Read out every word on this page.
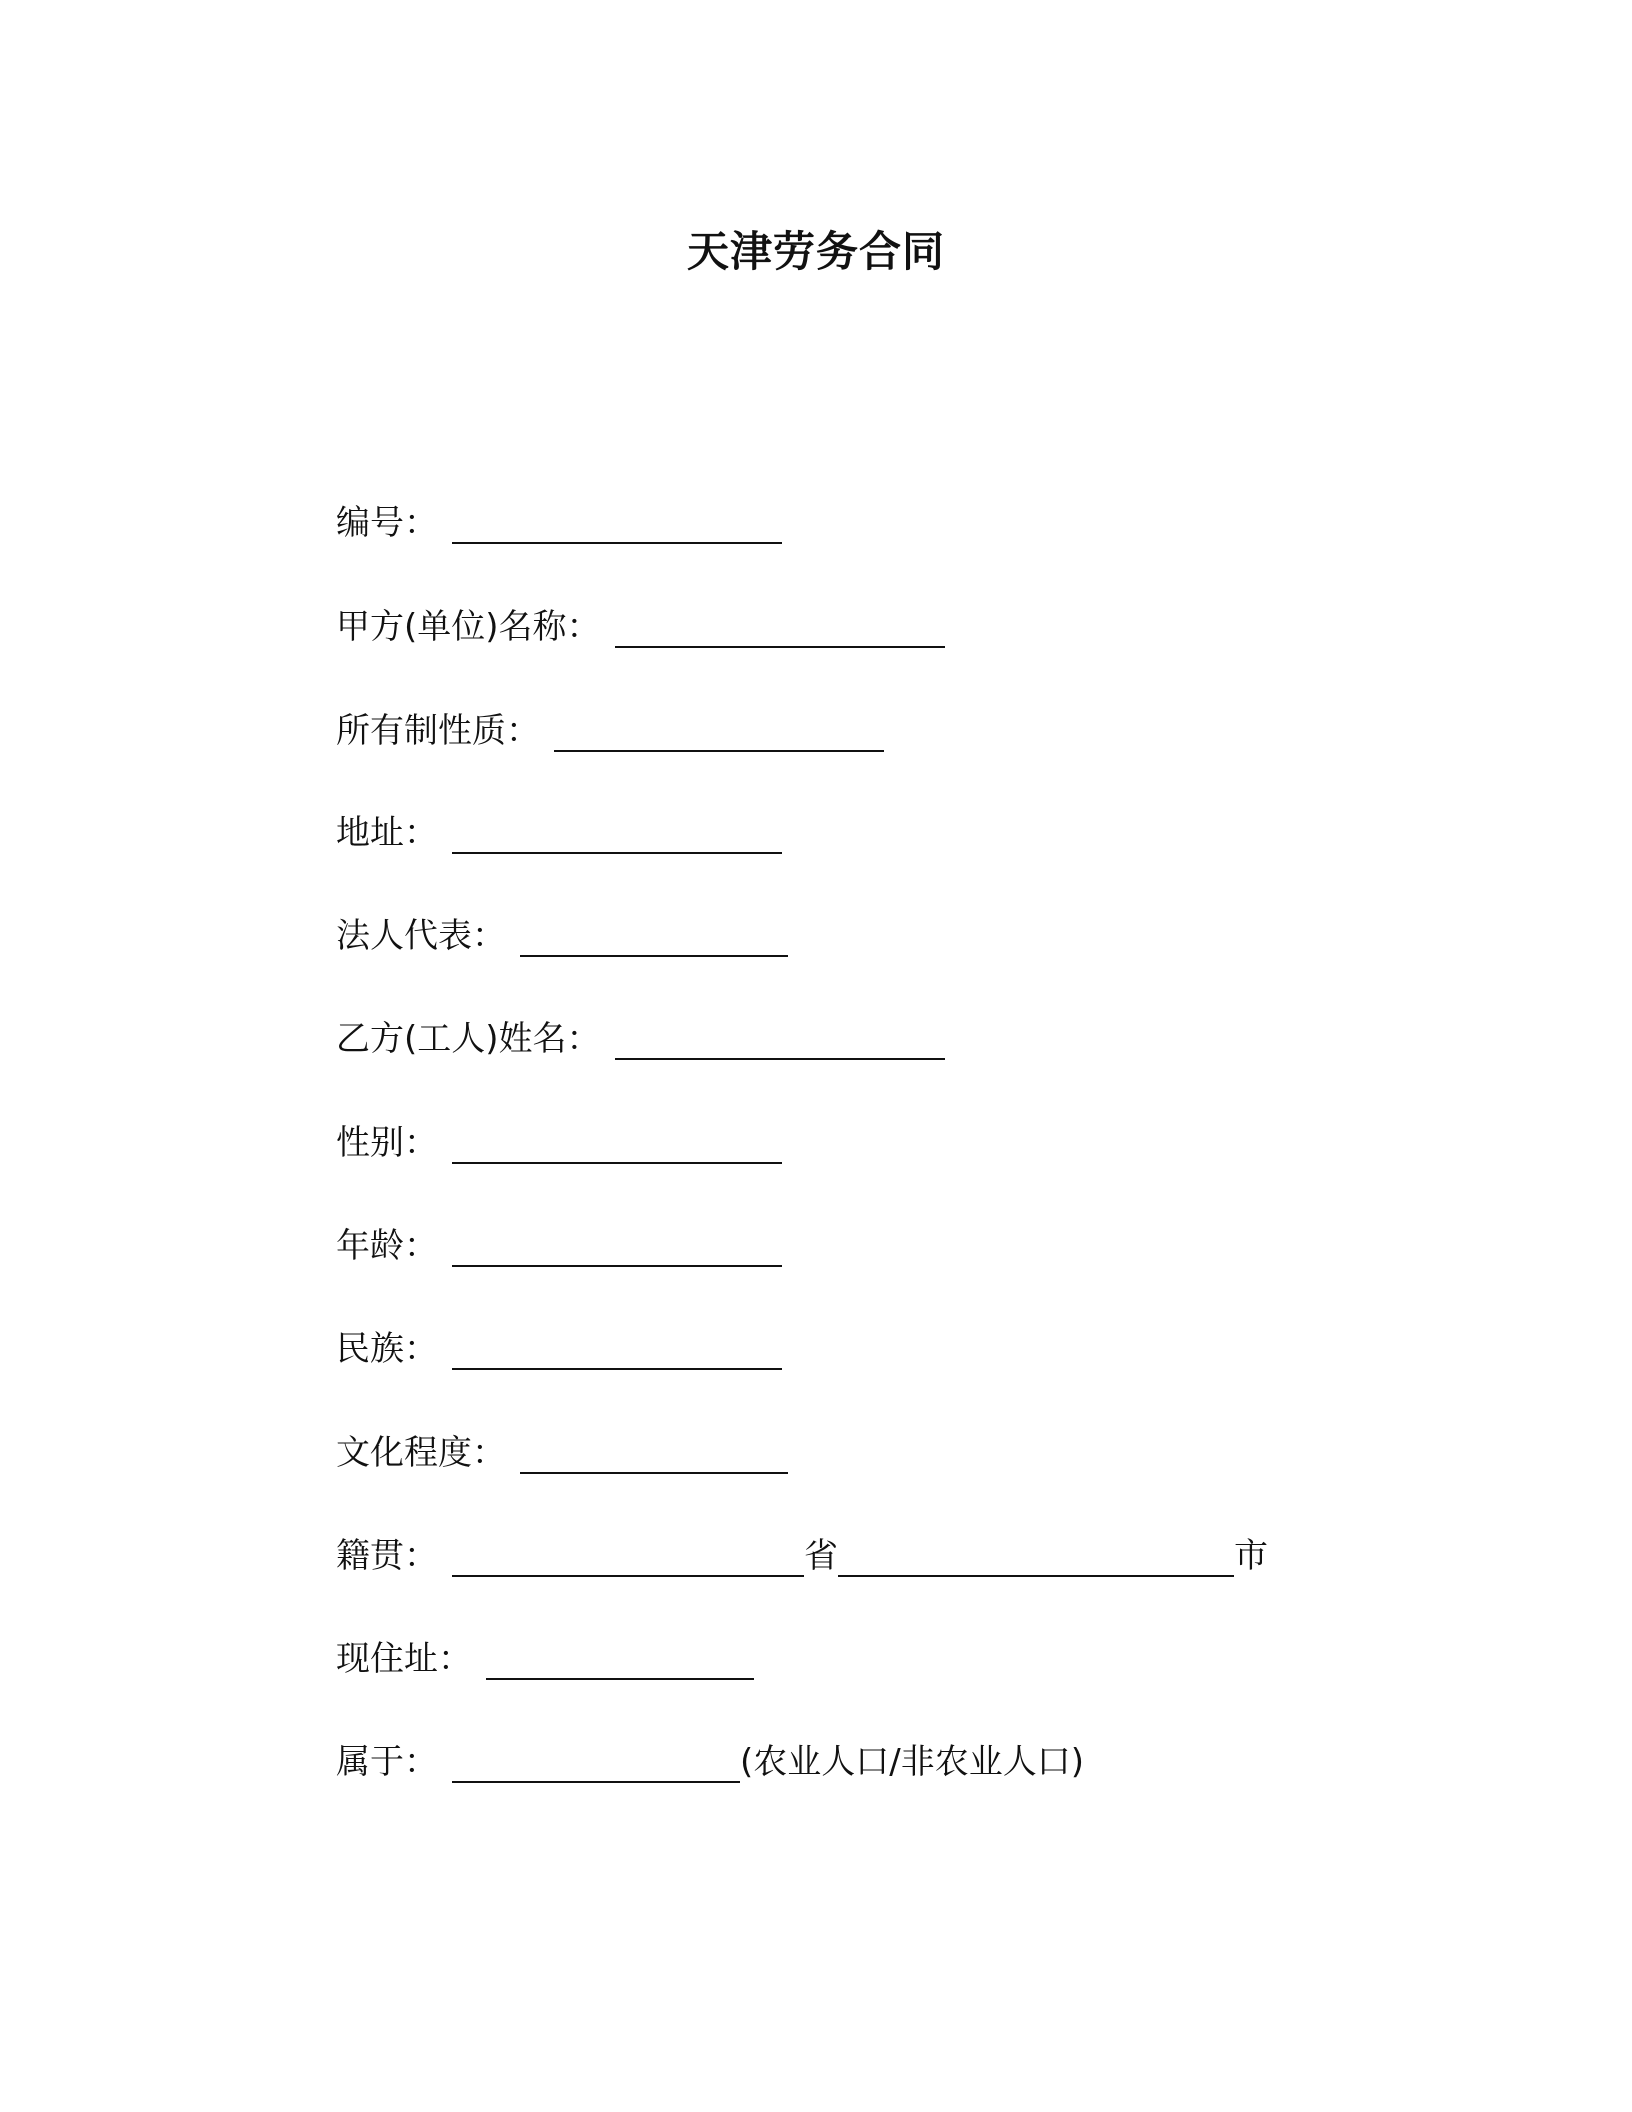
天津劳务合同
编号：
甲方(单位)名称：
所有制性质：
地址：
法人代表：
乙方(工人)姓名：
性别：
年龄：
民族：
文化程度：
籍贯：	省	市
现住址：
属于：	(农业人口/非农业人口)
